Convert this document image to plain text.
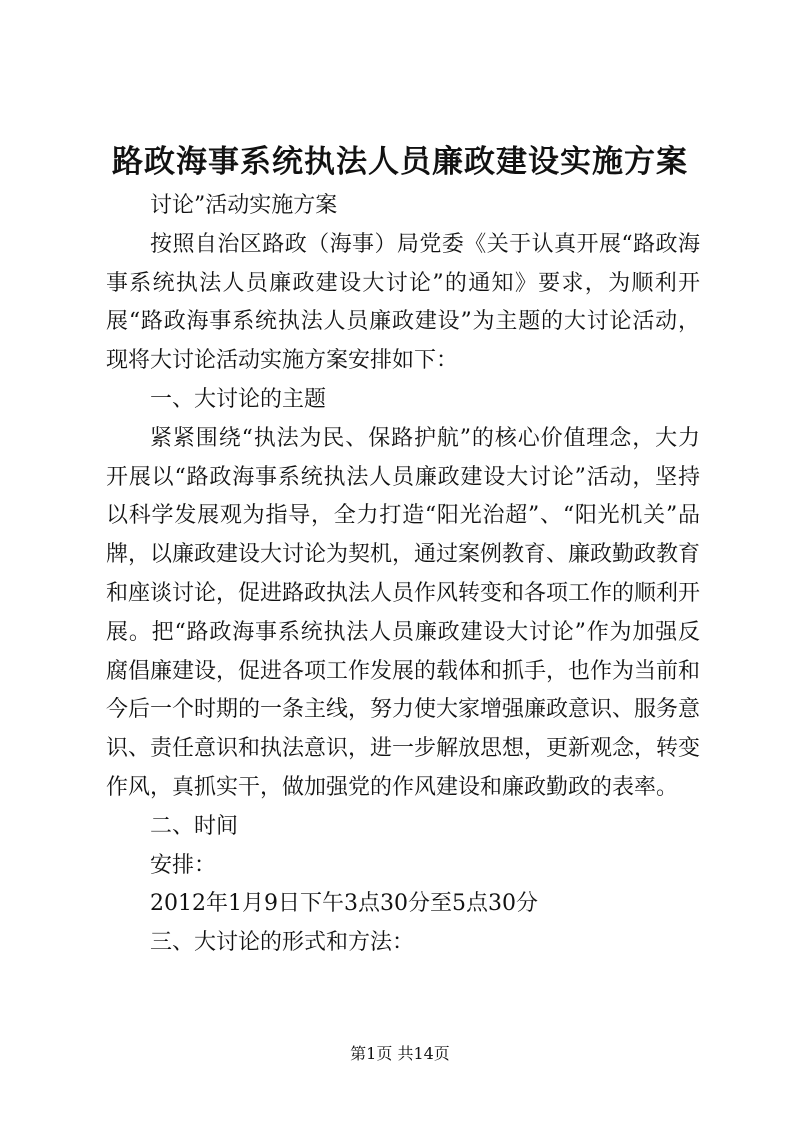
路政海事系统执法人员廉政建设实施方案

讨论”活动实施方案

按照自治区路政（海事）局党委《关于认真开展“路政海事系统执法人员廉政建设大讨论”的通知》要求，为顺利开展“路政海事系统执法人员廉政建设”为主题的大讨论活动，现将大讨论活动实施方案安排如下：

一、大讨论的主题

紧紧围绕“执法为民、保路护航”的核心价值理念，大力开展以“路政海事系统执法人员廉政建设大讨论”活动，坚持以科学发展观为指导，全力打造“阳光治超”、“阳光机关”品牌，以廉政建设大讨论为契机，通过案例教育、廉政勤政教育和座谈讨论，促进路政执法人员作风转变和各项工作的顺利开展。把“路政海事系统执法人员廉政建设大讨论”作为加强反腐倡廉建设，促进各项工作发展的载体和抓手，也作为当前和今后一个时期的一条主线，努力使大家增强廉政意识、服务意识、责任意识和执法意识，进一步解放思想，更新观念，转变作风，真抓实干，做加强党的作风建设和廉政勤政的表率。

二、时间

安排：

2012年1月9日下午3点30分至5点30分

三、大讨论的形式和方法：

第1页 共14页
